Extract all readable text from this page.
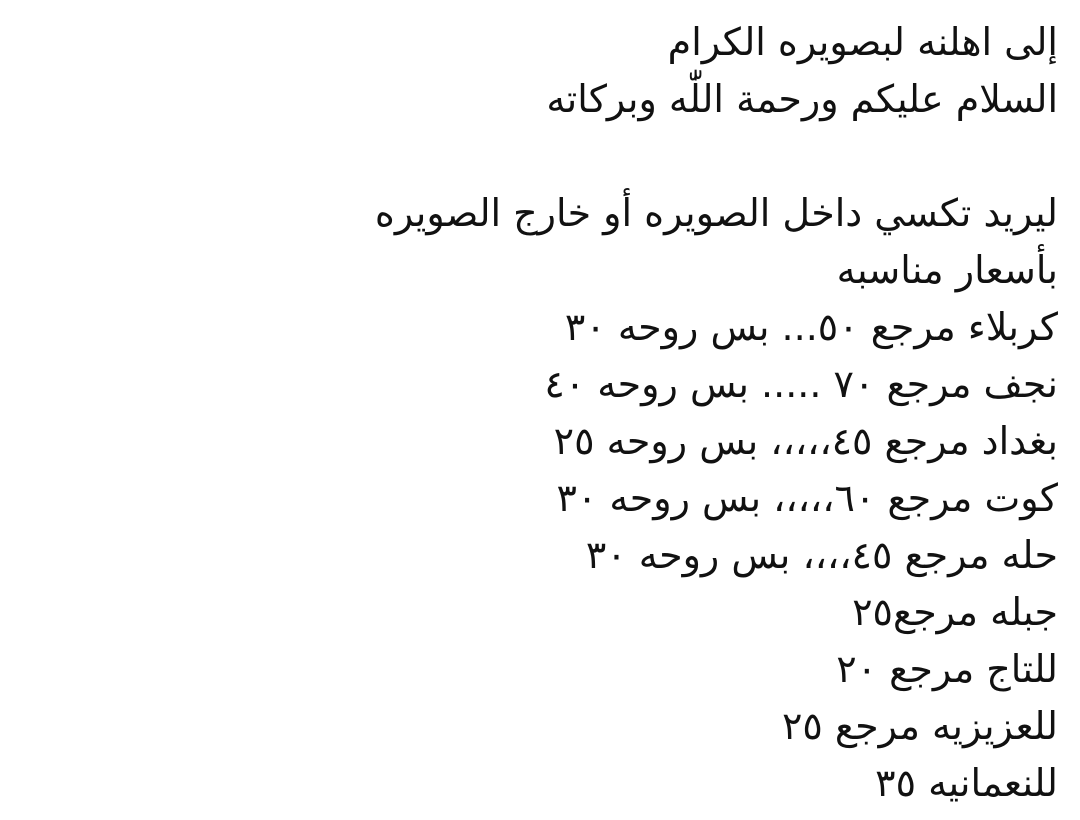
إلى اهلنه لبصويره الكرام
السلام عليكم ورحمة اللّٰه وبركاته
ليريد تكسي داخل الصويره أو خارج الصويره
بأسعار مناسبه
كربلاء مرجع ٥٠... بس روحه ٣٠
نجف مرجع ٧٠ ..... بس روحه ٤٠
بغداد مرجع ٤٥،،،،، بس روحه ٢٥
كوت مرجع ٦٠،،،،، بس روحه ٣٠
حله مرجع ٤٥،،،، بس روحه ٣٠
جبله مرجع٢٥
للتاج مرجع ٢٠
للعزيزيه مرجع ٢٥
للنعمانيه ٣٥
